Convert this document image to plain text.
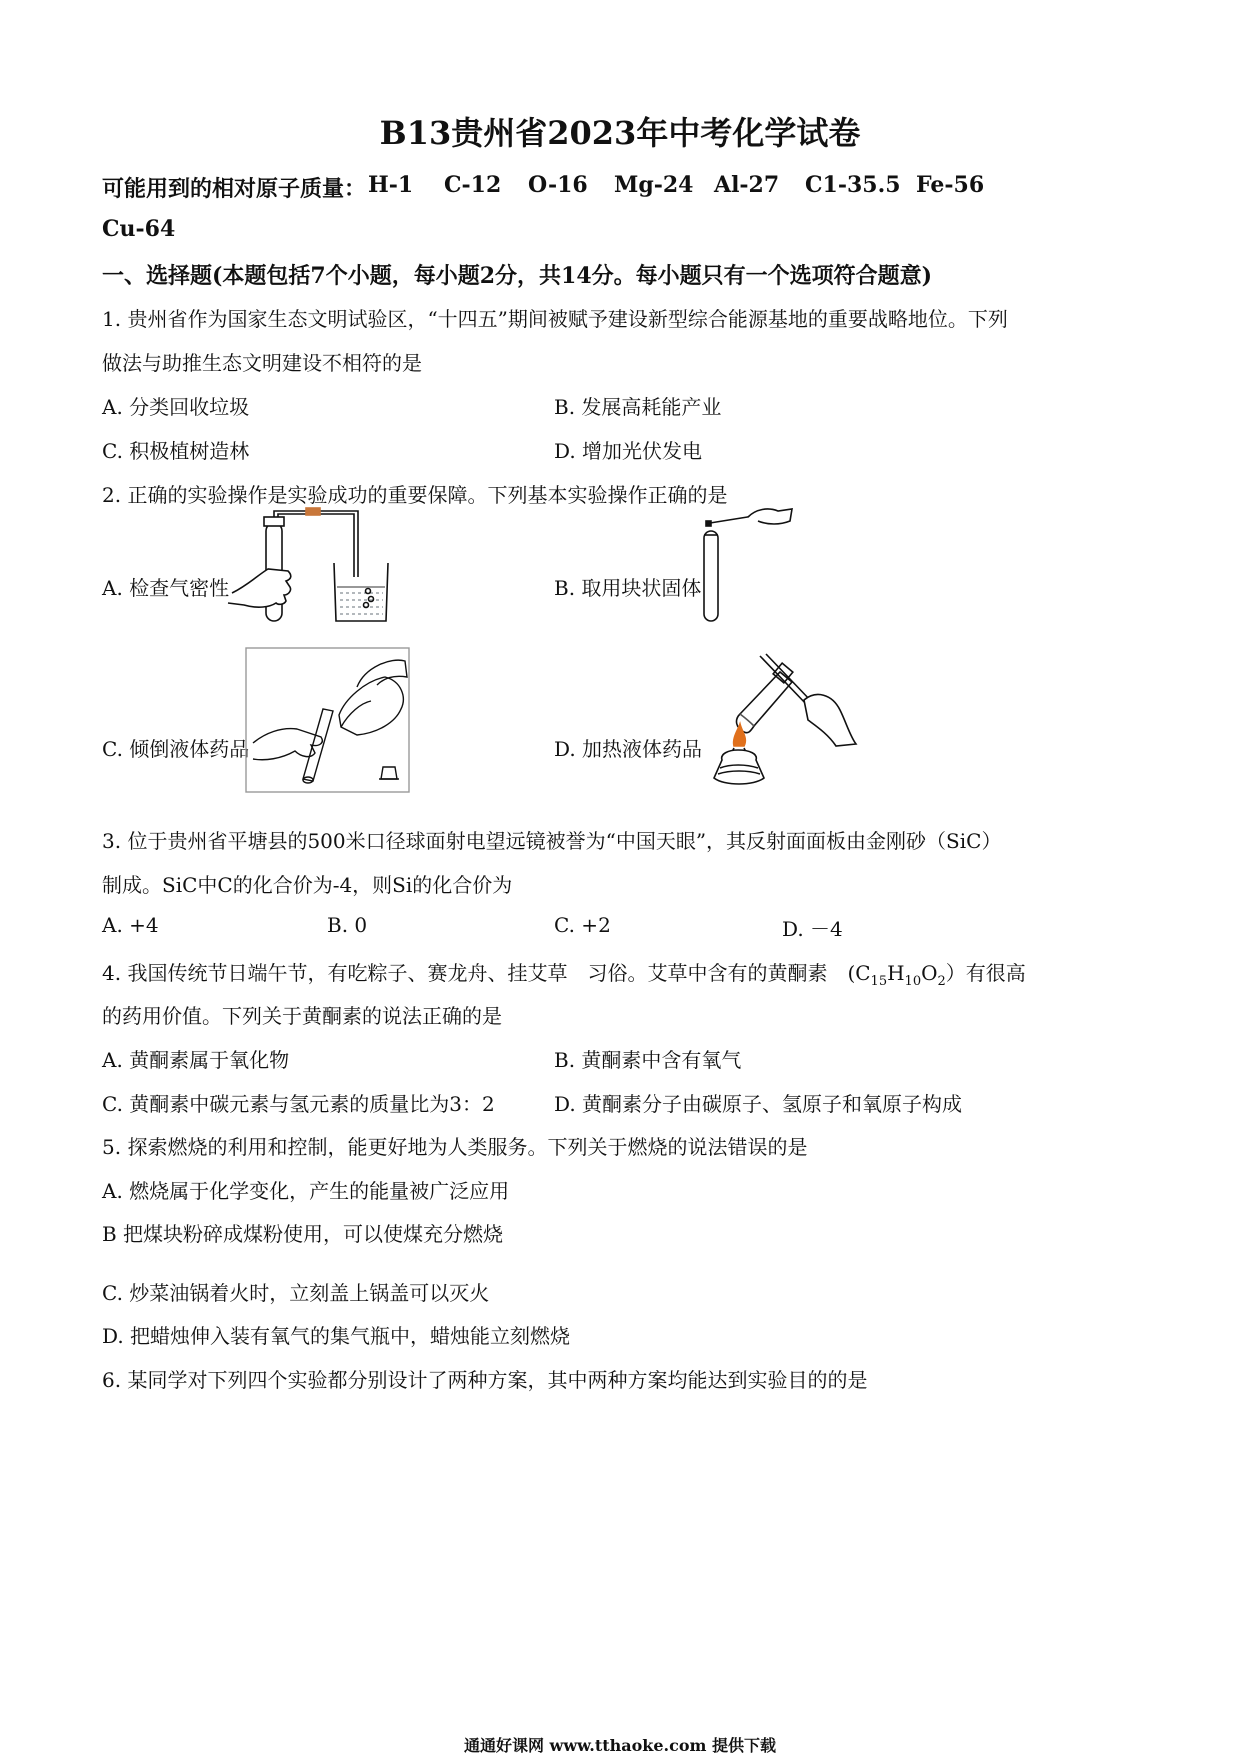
B13贵州省2023年中考化学试卷
可能用到的相对原子质量： H-1 C-12 O-16 Mg-24 Al-27 C1-35.5 Fe-56
Cu-64
一、选择题(本题包括7个小题，每小题2分，共14分。每小题只有一个选项符合题意)
1. 贵州省作为国家生态文明试验区，“十四五”期间被赋予建设新型综合能源基地的重要战略地位。下列
做法与助推生态文明建设不相符的是
A. 分类回收垃圾	B. 发展高耗能产业
C. 积极植树造林	D. 增加光伏发电
2. 正确的实验操作是实验成功的重要保障。下列基本实验操作正确的是
A. 检查气密性	B. 取用块状固体
C. 倾倒液体药品	D. 加热液体药品
3. 位于贵州省平塘县的500米口径球面射电望远镜被誉为“中国天眼”，其反射面面板由金刚砂（SiC）
制成。SiC中C的化合价为-4，则Si的化合价为
A. +4	B. 0	C. +2	D. －4
4. 我国传统节日端午节，有吃粽子、赛龙舟、挂艾草　习俗。艾草中含有的黄酮素　$(C_{15}H_{10}O_2)$有很高
的药用价值。下列关于黄酮素的说法正确的是
A. 黄酮素属于氧化物	B. 黄酮素中含有氧气
C. 黄酮素中碳元素与氢元素的质量比为3：2	D. 黄酮素分子由碳原子、氢原子和氧原子构成
5. 探索燃烧的利用和控制，能更好地为人类服务。下列关于燃烧的说法错误的是
A. 燃烧属于化学变化，产生的能量被广泛应用
B 把煤块粉碎成煤粉使用，可以使煤充分燃烧
C. 炒菜油锅着火时，立刻盖上锅盖可以灭火
D. 把蜡烛伸入装有氧气的集气瓶中，蜡烛能立刻燃烧
6. 某同学对下列四个实验都分别设计了两种方案，其中两种方案均能达到实验目的的是
通通好课网 www.tthaoke.com 提供下载
